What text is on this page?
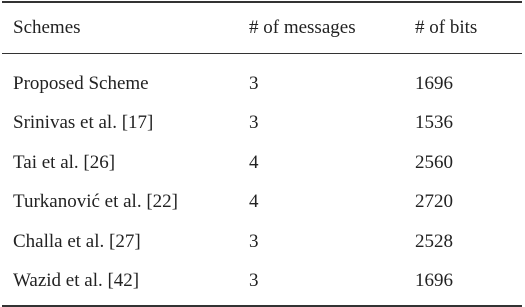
Schemes	# of messages	# of bits
Proposed Scheme	3	1696
Srinivas et al. [17]	3	1536
Tai et al. [26]	4	2560
Turkanović et al. [22]	4	2720
Challa et al. [27]	3	2528
Wazid et al. [42]	3	1696
